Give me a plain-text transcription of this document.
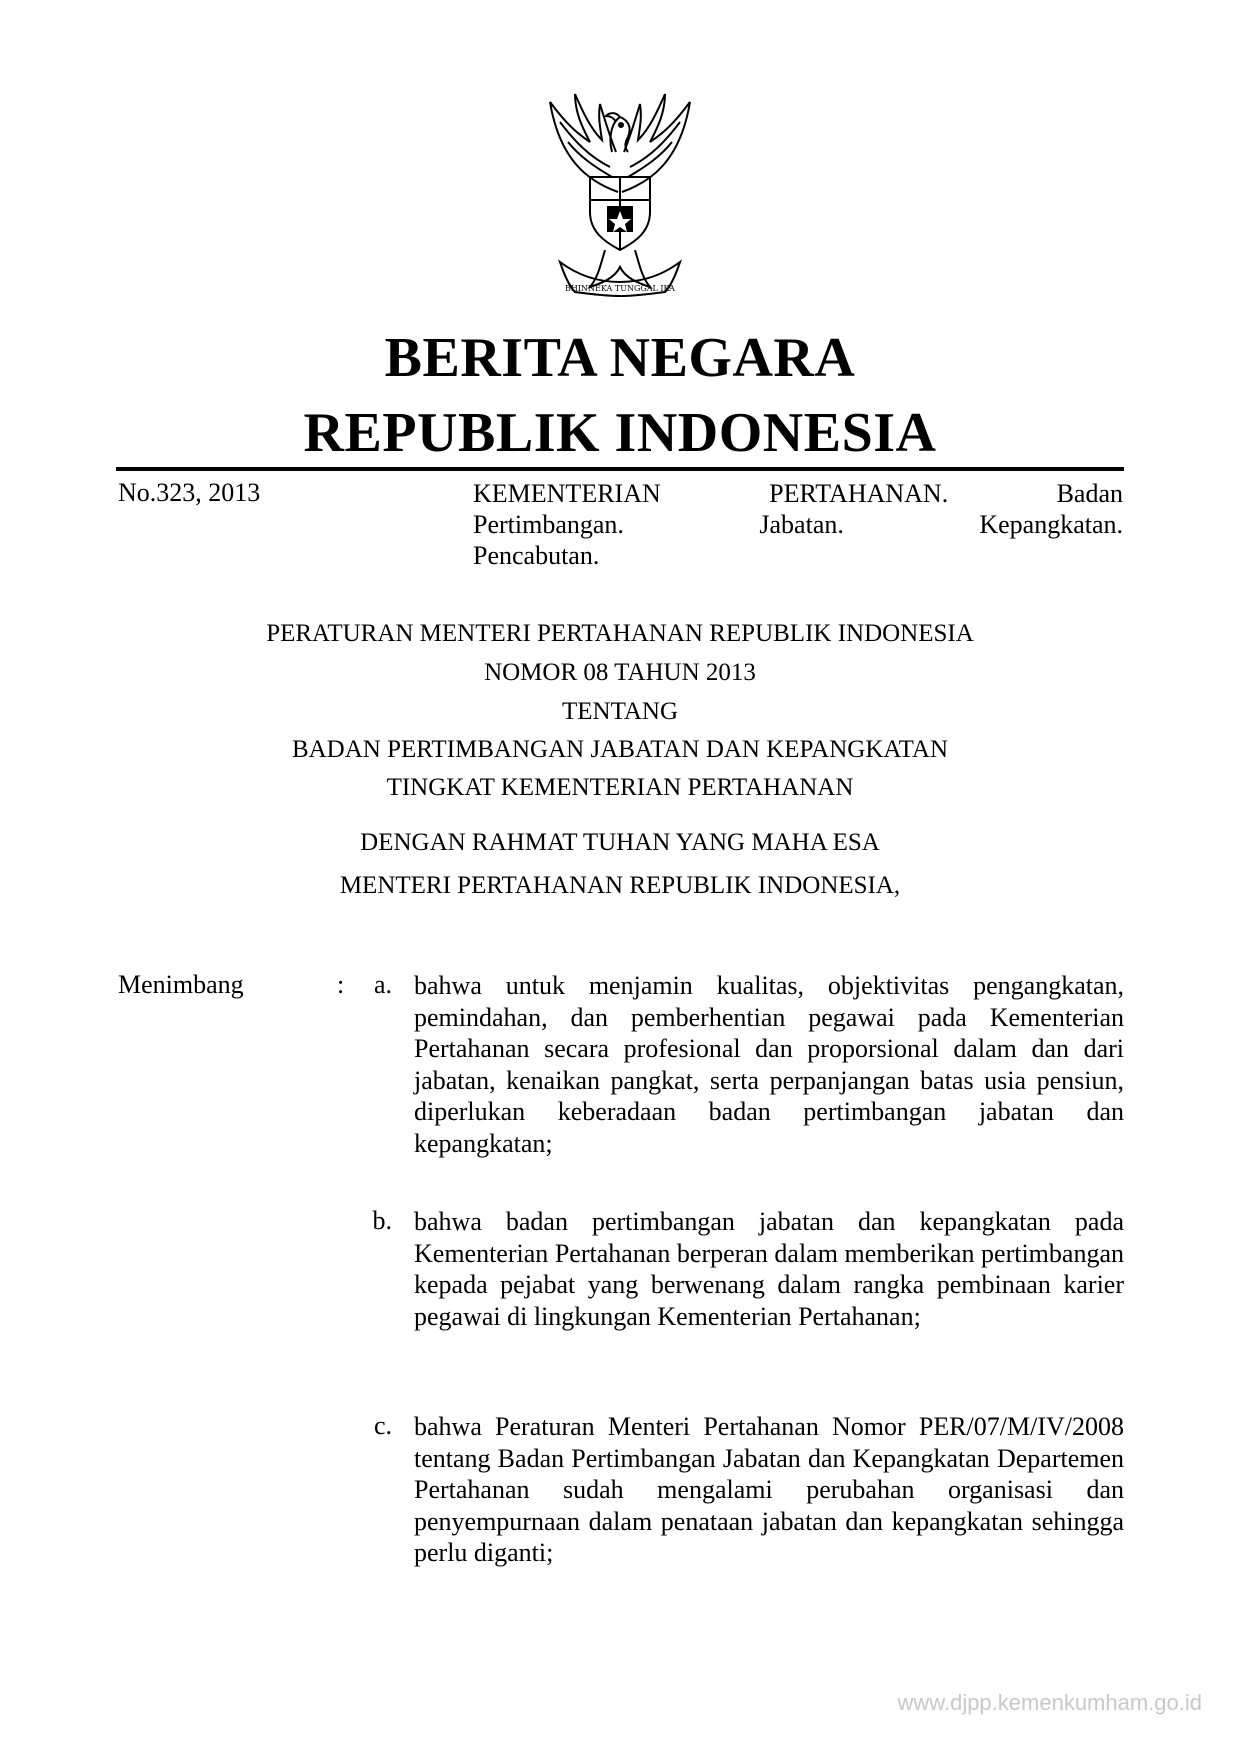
BHINNEKA TUNGGAL IKA
BERITA NEGARA
REPUBLIK INDONESIA
No.323, 2013	KEMENTERIAN PERTAHANAN. Badan
Pertimbangan. Jabatan. Kepangkatan.
Pencabutan.
PERATURAN MENTERI PERTAHANAN REPUBLIK INDONESIA
NOMOR 08 TAHUN 2013
TENTANG
BADAN PERTIMBANGAN JABATAN DAN KEPANGKATAN
TINGKAT KEMENTERIAN PERTAHANAN
DENGAN RAHMAT TUHAN YANG MAHA ESA
MENTERI PERTAHANAN REPUBLIK INDONESIA,
Menimbang	:	a. bahwa untuk menjamin kualitas, objektivitas pengangkatan, pemindahan, dan pemberhentian pegawai pada Kementerian Pertahanan secara profesional dan proporsional dalam dan dari jabatan, kenaikan pangkat, serta perpanjangan batas usia pensiun, diperlukan keberadaan badan pertimbangan jabatan dan kepangkatan;
b. bahwa badan pertimbangan jabatan dan kepangkatan pada Kementerian Pertahanan berperan dalam memberikan pertimbangan kepada pejabat yang berwenang dalam rangka pembinaan karier pegawai di lingkungan Kementerian Pertahanan;
c. bahwa Peraturan Menteri Pertahanan Nomor PER/07/M/IV/2008 tentang Badan Pertimbangan Jabatan dan Kepangkatan Departemen Pertahanan sudah mengalami perubahan organisasi dan penyempurnaan dalam penataan jabatan dan kepangkatan sehingga perlu diganti;
www.djpp.kemenkumham.go.id
